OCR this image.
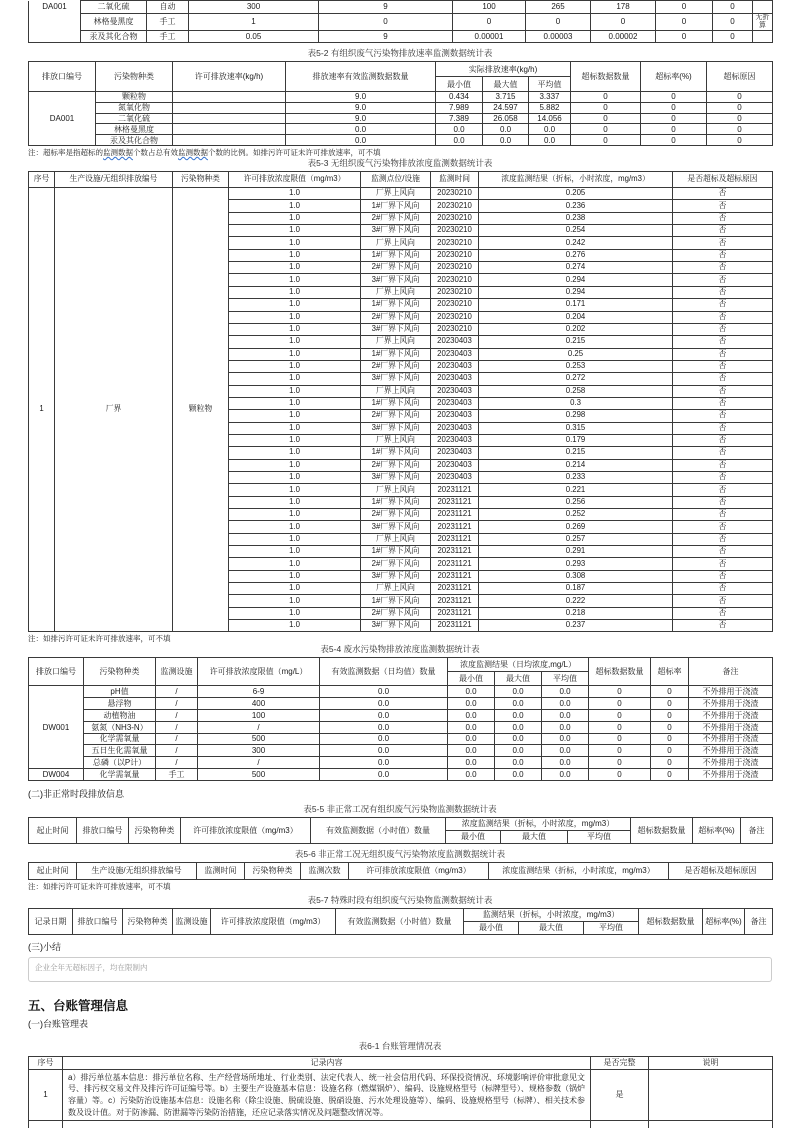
DA001	二氧化硫	自动	300	9	100	265	178	0	0	
	林格曼黑度	手工	1	0	0	0	0	0	0	无折算
	汞及其化合物	手工	0.05	9	0.00001	0.00003	0.00002	0	0	
表5-2 有组织废气污染物排放速率监测数据统计表
排放口编号	污染物种类	许可排放速率(kg/h)	排放速率有效监测数据数量	实际排放速率(kg/h)			超标数据数量	超标率(%)	超标原因
				最小值	最大值	平均值			
DA001	颗粒物		9.0	0.434	3.715	3.337	0	0	0
	氮氧化物		9.0	7.989	24.597	5.882	0	0	0
	二氧化硫		9.0	7.389	26.058	14.056	0	0	0
	林格曼黑度		0.0	0.0	0.0	0.0	0	0	0
	汞及其化合物		0.0	0.0	0.0	0.0	0	0	0
注：超标率是指超标的监测数据个数占总有效监测数据个数的比例。如排污许可证未许可排放速率，可不填
表5-3 无组织废气污染物排放浓度监测数据统计表
序号	生产设施/无组织排放编号	污染物种类	许可排放浓度限值（mg/m3）	监测点位/设施	监测时间	浓度监测结果（折标，小时浓度，mg/m3）	是否超标及超标原因
1	厂界	颗粒物	1.0	厂界上风向	20230210	0.205	否
			1.0	1#厂界下风向	20230210	0.236	否
			1.0	2#厂界下风向	20230210	0.238	否
			1.0	3#厂界下风向	20230210	0.254	否
			1.0	厂界上风向	20230210	0.242	否
			1.0	1#厂界下风向	20230210	0.276	否
			1.0	2#厂界下风向	20230210	0.274	否
			1.0	3#厂界下风向	20230210	0.294	否
			1.0	厂界上风向	20230210	0.294	否
			1.0	1#厂界下风向	20230210	0.171	否
			1.0	2#厂界下风向	20230210	0.204	否
			1.0	3#厂界下风向	20230210	0.202	否
			1.0	厂界上风向	20230403	0.215	否
			1.0	1#厂界下风向	20230403	0.25	否
			1.0	2#厂界下风向	20230403	0.253	否
			1.0	3#厂界下风向	20230403	0.272	否
			1.0	厂界上风向	20230403	0.258	否
			1.0	1#厂界下风向	20230403	0.3	否
			1.0	2#厂界下风向	20230403	0.298	否
			1.0	3#厂界下风向	20230403	0.315	否
			1.0	厂界上风向	20230403	0.179	否
			1.0	1#厂界下风向	20230403	0.215	否
			1.0	2#厂界下风向	20230403	0.214	否
			1.0	3#厂界下风向	20230403	0.233	否
			1.0	厂界上风向	20231121	0.221	否
			1.0	1#厂界下风向	20231121	0.256	否
			1.0	2#厂界下风向	20231121	0.252	否
			1.0	3#厂界下风向	20231121	0.269	否
			1.0	厂界上风向	20231121	0.257	否
			1.0	1#厂界下风向	20231121	0.291	否
			1.0	2#厂界下风向	20231121	0.293	否
			1.0	3#厂界下风向	20231121	0.308	否
			1.0	厂界上风向	20231121	0.187	否
			1.0	1#厂界下风向	20231121	0.222	否
			1.0	2#厂界下风向	20231121	0.218	否
			1.0	3#厂界下风向	20231121	0.237	否
注：如排污许可证未许可排放速率，可不填
表5-4 废水污染物排放浓度监测数据统计表
排放口编号	污染物种类	监测设施	许可排放浓度限值（mg/L）	有效监测数据（日均值）数量	浓度监测结果（日均浓度,mg/L）			超标数据数量	超标率	备注
					最小值	最大值	平均值			
DW001	pH值	/	6-9	0.0	0.0	0.0	0.0	0	0	不外排用于浇渣
	悬浮物	/	400	0.0	0.0	0.0	0.0	0	0	不外排用于浇渣
	动植物油	/	100	0.0	0.0	0.0	0.0	0	0	不外排用于浇渣
	氨氮（NH3-N）	/	/	0.0	0.0	0.0	0.0	0	0	不外排用于浇渣
	化学需氧量	/	500	0.0	0.0	0.0	0.0	0	0	不外排用于浇渣
	五日生化需氧量	/	300	0.0	0.0	0.0	0.0	0	0	不外排用于浇渣
	总磷（以P计）	/	/	0.0	0.0	0.0	0.0	0	0	不外排用于浇渣
DW004	化学需氧量	手工	500	0.0	0.0	0.0	0.0	0	0	不外排用于浇渣
(二)非正常时段排放信息
表5-5 非正常工况有组织废气污染物监测数据统计表
起止时间	排放口编号	污染物种类	许可排放浓度限值（mg/m3）	有效监测数据（小时值）数量	浓度监测结果（折标，小时浓度，mg/m3）			超标数据数量	超标率(%)	备注
					最小值	最大值	平均值			
表5-6 非正常工况无组织废气污染物浓度监测数据统计表
起止时间	生产设施/无组织排放编号	监测时间	污染物种类	监测次数	许可排放浓度限值（mg/m3）	浓度监测结果（折标，小时浓度，mg/m3）	是否超标及超标原因
注：如排污许可证未许可排放速率，可不填
表5-7 特殊时段有组织废气污染物监测数据统计表
记录日期	排放口编号	污染物种类	监测设施	许可排放浓度限值（mg/m3）	有效监测数据（小时值）数量	监测结果（折标，小时浓度，mg/m3）			超标数据数量	超标率(%)	备注
						最小值	最大值	平均值			
(三)小结
企业全年无超标因子，均在限制内
五、台账管理信息
(一)台账管理表
表6-1 台账管理情况表
序号	记录内容	是否完整	说明
1	a）排污单位基本信息：排污单位名称、生产经营场所地址、行业类别、法定代表人、统一社会信用代码、环保投资情况、环境影响评价审批意见文号、排污权交易文件及排污许可证编号等。b）主要生产设施基本信息：设施名称（燃煤锅炉）、编码、设施规格型号（标牌型号）、规格参数（锅炉容量）等。c）污染防治设施基本信息：设施名称（除尘设施、脱硫设施、脱硝设施、污水处理设施等）、编码、设施规格型号（标牌）、相关技术参数及设计值。对于防渗漏、防泄漏等污染防治措施，还应记录落实情况及问题整改情况等。	是	
